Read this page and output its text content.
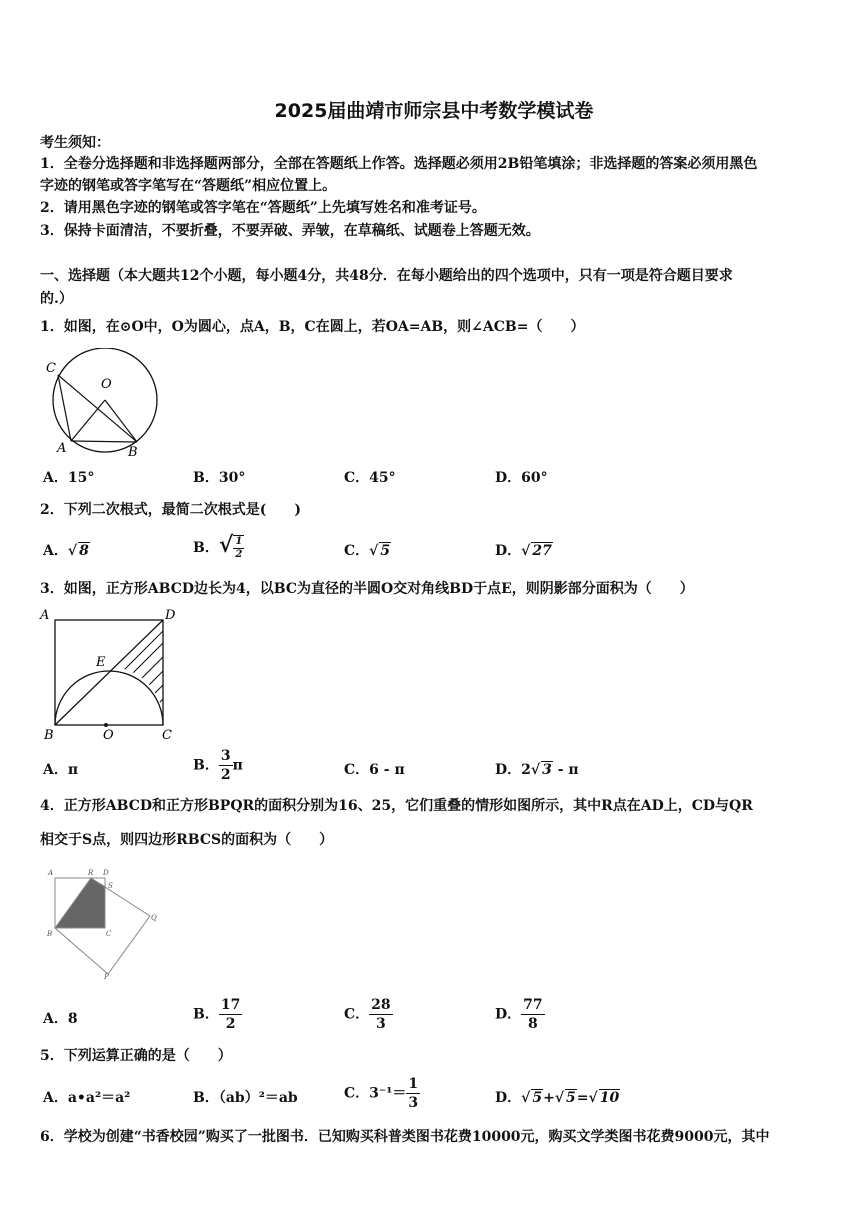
2025届曲靖市师宗县中考数学模试卷
考生须知：
1．全卷分选择题和非选择题两部分，全部在答题纸上作答。选择题必须用2B铅笔填涂；非选择题的答案必须用黑色
字迹的钢笔或答字笔写在“答题纸”相应位置上。
2．请用黑色字迹的钢笔或答字笔在“答题纸”上先填写姓名和准考证号。
3．保持卡面清洁，不要折叠，不要弄破、弄皱，在草稿纸、试题卷上答题无效。
一、选择题（本大题共12个小题，每小题4分，共48分．在每小题给出的四个选项中，只有一项是符合题目要求
的.）
1．如图，在⊙O中，O为圆心，点A，B，C在圆上，若OA=AB，则∠ACB=（　　）
C
O
A	B
A．15°	B．30°	C．45°	D．60°
2．下列二次根式，最简二次根式是(　　)
A．√ 8	B．√ $\frac{1}{2}$	C．√ 5	D．√ 27
3．如图，正方形ABCD边长为4，以BC为直径的半圆O交对角线BD于点E，则阴影部分面积为（　　）
A	D
E
B	O	C
A．π	B． $\frac{3}{2}$ π	C．6 - π	D．2√ 3 - π
4．正方形ABCD和正方形BPQR的面积分别为16、25，它们重叠的情形如图所示，其中R点在AD上，CD与QR
相交于S点，则四边形RBCS的面积为（　　）
A	R D
S
Q
B	C
P
A．8	B． $\frac{17}{2}$	C． $\frac{28}{3}$	D． $\frac{77}{8}$
5．下列运算正确的是（　　）
A．a•a²＝a²	B．（ab）²＝ab	C．$3^{-1}= \frac{1}{3}$	D．√ 5+√ 5=√ 10
6．学校为创建“书香校园”购买了一批图书．已知购买科普类图书花费10000元，购买文学类图书花费9000元，其中
